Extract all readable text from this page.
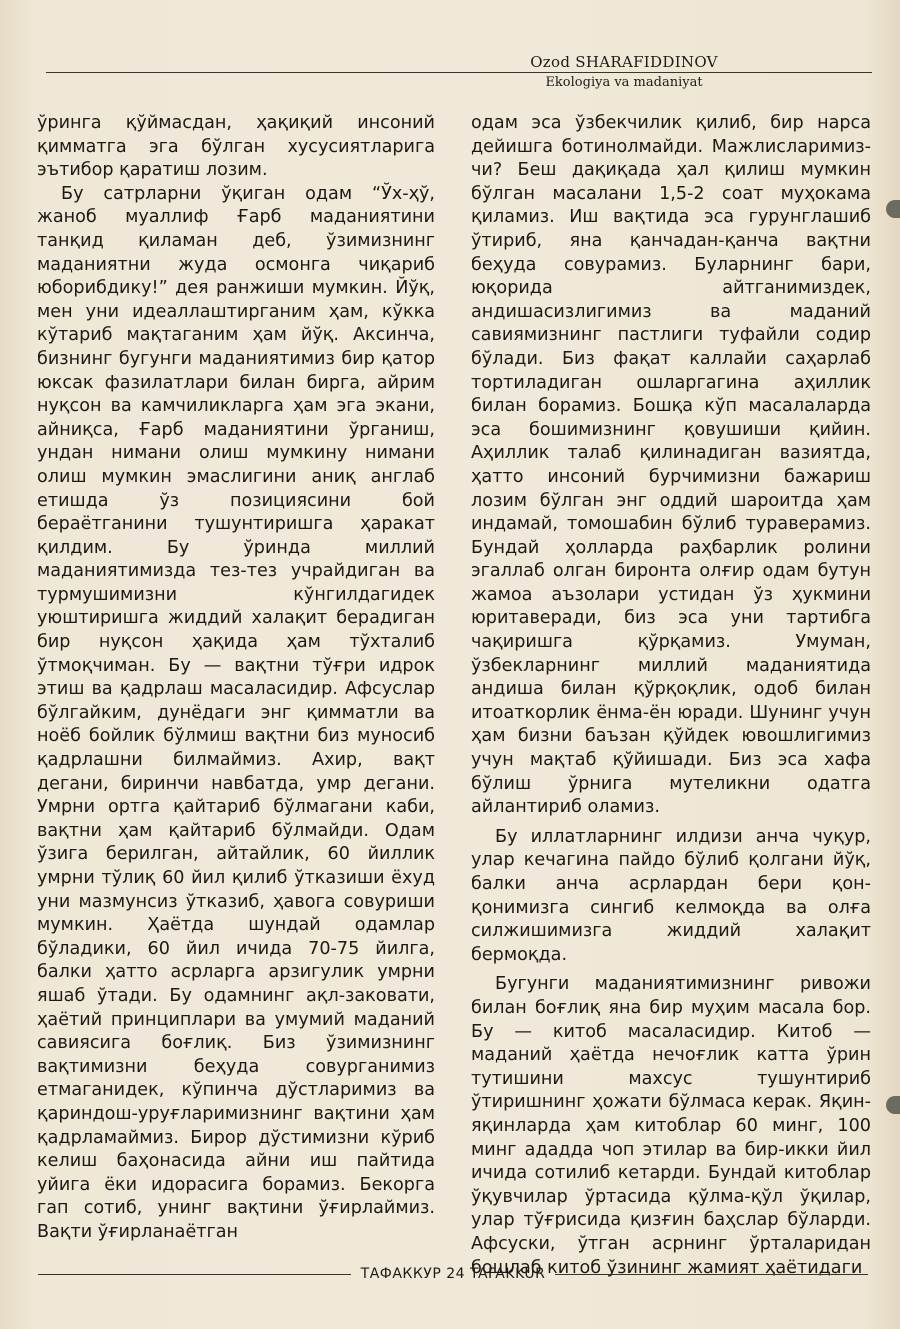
Ozod SHARAFIDDINOV
Ekologiya va madaniyat

ўринга қўймасдан, ҳақиқий инсоний қимматга эга бўлган хусусиятларига эътибор қаратиш лозим.

Бу сатрларни ўқиган одам “Ўх-ҳў, жаноб муаллиф Ғарб маданиятини танқид қиламан деб, ўзимизнинг маданиятни жуда осмонга чиқариб юборибдику!” дея ранжиши мумкин. Йўқ, мен уни идеаллаштирганим ҳам, кўкка кўтариб мақтаганим ҳам йўқ. Аксинча, бизнинг бугунги маданиятимиз бир қатор юксак фазилатлари билан бирга, айрим нуқсон ва камчиликларга ҳам эга экани, айниқса, Ғарб маданиятини ўрганиш, ундан нимани олиш мумкину нимани олиш мумкин эмаслигини аниқ англаб етишда ўз позициясини бой бераётганини тушунтиришга ҳаракат қилдим. Бу ўринда миллий маданиятимизда тез-тез учрайдиган ва турмушимизни кўнгилдагидек уюштиришга жиддий халақит берадиган бир нуқсон ҳақида ҳам тўхталиб ўтмоқчиман. Бу — вақтни тўғри идрок этиш ва қадрлаш масаласидир. Афсуслар бўлгайким, дунёдаги энг қимматли ва ноёб бойлик бўлмиш вақтни биз муносиб қадрлашни билмаймиз. Ахир, вақт дегани, биринчи навбатда, умр дегани. Умрни ортга қайтариб бўлмагани каби, вақтни ҳам қайтариб бўлмайди. Одам ўзига берилган, айтайлик, 60 йиллик умрни тўлиқ 60 йил қилиб ўтказиши ёхуд уни мазмунсиз ўтказиб, ҳавога совуриши мумкин. Ҳаётда шундай одамлар бўладики, 60 йил ичида 70-75 йилга, балки ҳатто асрларга арзигулик умрни яшаб ўтади. Бу одамнинг ақл-заковати, ҳаётий принциплари ва умумий маданий савиясига боғлиқ. Биз ўзимизнинг вақтимизни беҳуда совурганимиз етмаганидек, кўпинча дўстларимиз ва қариндош-уруғларимизнинг вақтини ҳам қадрламаймиз. Бирор дўстимизни кўриб келиш баҳонасида айни иш пайтида уйига ёки идорасига борамиз. Бекорга гап сотиб, унинг вақтини ўғирлаймиз. Вақти ўғирланаётган

одам эса ўзбекчилик қилиб, бир нарса дейишга ботинолмайди. Мажлисларимиз-чи? Беш дақиқада ҳал қилиш мумкин бўлган масалани 1,5-2 соат муҳокама қиламиз. Иш вақтида эса гурунглашиб ўтириб, яна қанчадан-қанча вақтни беҳуда совурамиз. Буларнинг бари, юқорида айтганимиздек, андишасизлигимиз ва маданий савиямизнинг пастлиги туфайли содир бўлади. Биз фақат каллайи саҳарлаб тортиладиган ошларгагина аҳиллик билан борамиз. Бошқа кўп масалаларда эса бошимизнинг қовушиши қийин. Аҳиллик талаб қилинадиган вазиятда, ҳатто инсоний бурчимизни бажариш лозим бўлган энг оддий шароитда ҳам индамай, томошабин бўлиб тураверамиз. Бундай ҳолларда раҳбарлик ролини эгаллаб олган биронта олғир одам бутун жамоа аъзолари устидан ўз ҳукмини юритаверади, биз эса уни тартибга чақиришга қўрқамиз. Умуман, ўзбекларнинг миллий маданиятида андиша билан қўрқоқлик, одоб билан итоаткорлик ёнма-ён юради. Шунинг учун ҳам бизни баъзан қўйдек ювошлигимиз учун мақтаб қўйишади. Биз эса хафа бўлиш ўрнига мутеликни одатга айлантириб оламиз.

Бу иллатларнинг илдизи анча чуқур, улар кечагина пайдо бўлиб қолгани йўқ, балки анча асрлардан бери қон-қонимизга сингиб келмоқда ва олға силжишимизга жиддий халақит бермоқда.

Бугунги маданиятимизнинг ривожи билан боғлиқ яна бир муҳим масала бор. Бу — китоб масаласидир. Китоб — маданий ҳаётда нечоғлик катта ўрин тутишини махсус тушунтириб ўтиришнинг ҳожати бўлмаса керак. Яқин-яқинларда ҳам китоблар 60 минг, 100 минг ададда чоп этилар ва бир-икки йил ичида сотилиб кетарди. Бундай китоблар ўқувчилар ўртасида қўлма-қўл ўқилар, улар тўғрисида қизғин баҳслар бўларди. Афсуски, ўтган асрнинг ўрталаридан бошлаб китоб ўзининг жамият ҳаётидаги

ТАФАККУР 24 TAFAKKUR
